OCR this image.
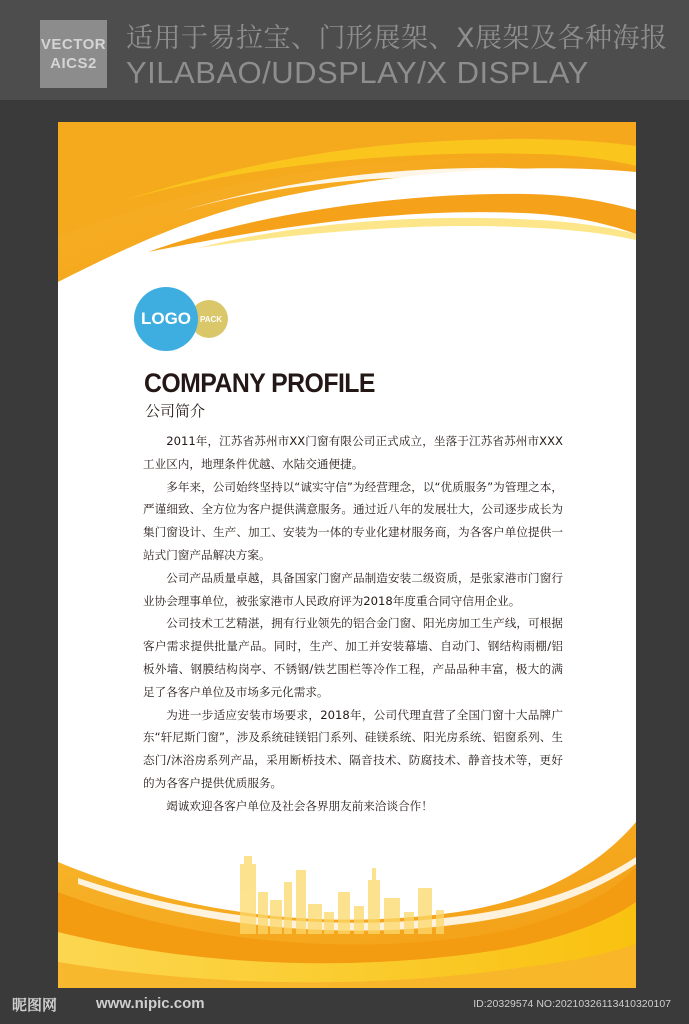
VECTOR
AICS2
适用于易拉宝、门形展架、X展架及各种海报
YILABAO/UDSPLAY/X DISPLAY
PACK
LOGO
COMPANY PROFILE
公司简介

2011年，江苏省苏州市XX门窗有限公司正式成立，坐落于江苏省苏州市XXX工业区内，地理条件优越、水陆交通便捷。

多年来，公司始终坚持以“诚实守信”为经营理念，以“优质服务”为管理之本，严谨细致、全方位为客户提供满意服务。通过近八年的发展壮大，公司逐步成长为集门窗设计、生产、加工、安装为一体的专业化建材服务商，为各客户单位提供一站式门窗产品解决方案。

公司产品质量卓越，具备国家门窗产品制造安装二级资质，是张家港市门窗行业协会理事单位，被张家港市人民政府评为2018年度重合同守信用企业。

公司技术工艺精湛，拥有行业领先的铝合金门窗、阳光房加工生产线，可根据客户需求提供批量产品。同时，生产、加工并安装幕墙、自动门、钢结构雨棚/铝板外墙、钢膜结构岗亭、不锈钢/铁艺围栏等冷作工程，产品品种丰富，极大的满足了各客户单位及市场多元化需求。

为进一步适应安装市场要求，2018年，公司代理直营了全国门窗十大品牌广东“轩尼斯门窗”，涉及系统硅镁铝门系列、硅镁系统、阳光房系统、铝窗系列、生态门/沐浴房系列产品，采用断桥技术、隔音技术、防腐技术、静音技术等，更好的为各客户提供优质服务。

竭诚欢迎各客户单位及社会各界朋友前来洽谈合作！

昵图网	www.nipic.com	ID:20329574 NO:20210326113410320107
